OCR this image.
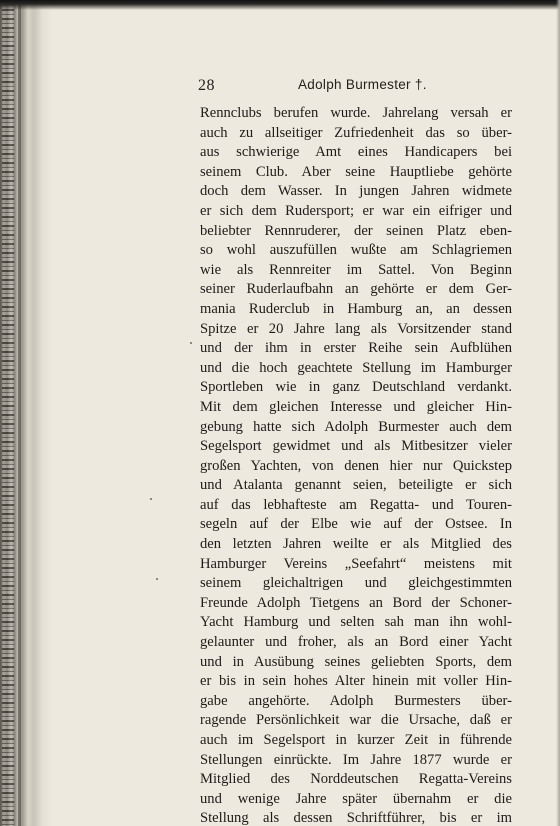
28	Adolph Burmester †.
Rennclubs berufen wurde. Jahrelang versah er
auch zu allseitiger Zufriedenheit das so über-
aus schwierige Amt eines Handicapers bei
seinem Club. Aber seine Hauptliebe gehörte
doch dem Wasser. In jungen Jahren widmete
er sich dem Rudersport; er war ein eifriger und
beliebter Rennruderer, der seinen Platz eben-
so wohl auszufüllen wußte am Schlagriemen
wie als Rennreiter im Sattel. Von Beginn
seiner Ruderlaufbahn an gehörte er dem Ger-
mania Ruderclub in Hamburg an, an dessen
Spitze er 20 Jahre lang als Vorsitzender stand
und der ihm in erster Reihe sein Aufblühen
und die hoch geachtete Stellung im Hamburger
Sportleben wie in ganz Deutschland verdankt.
Mit dem gleichen Interesse und gleicher Hin-
gebung hatte sich Adolph Burmester auch dem
Segelsport gewidmet und als Mitbesitzer vieler
großen Yachten, von denen hier nur Quickstep
und Atalanta genannt seien, beteiligte er sich
auf das lebhafteste am Regatta- und Touren-
segeln auf der Elbe wie auf der Ostsee. In
den letzten Jahren weilte er als Mitglied des
Hamburger Vereins „Seefahrt“ meistens mit
seinem gleichaltrigen und gleichgestimmten
Freunde Adolph Tietgens an Bord der Schoner-
Yacht Hamburg und selten sah man ihn wohl-
gelaunter und froher, als an Bord einer Yacht
und in Ausübung seines geliebten Sports, dem
er bis in sein hohes Alter hinein mit voller Hin-
gabe angehörte. Adolph Burmesters über-
ragende Persönlichkeit war die Ursache, daß er
auch im Segelsport in kurzer Zeit in führende
Stellungen einrückte. Im Jahre 1877 wurde er
Mitglied des Norddeutschen Regatta-Vereins
und wenige Jahre später übernahm er die
Stellung als dessen Schriftführer, bis er im
